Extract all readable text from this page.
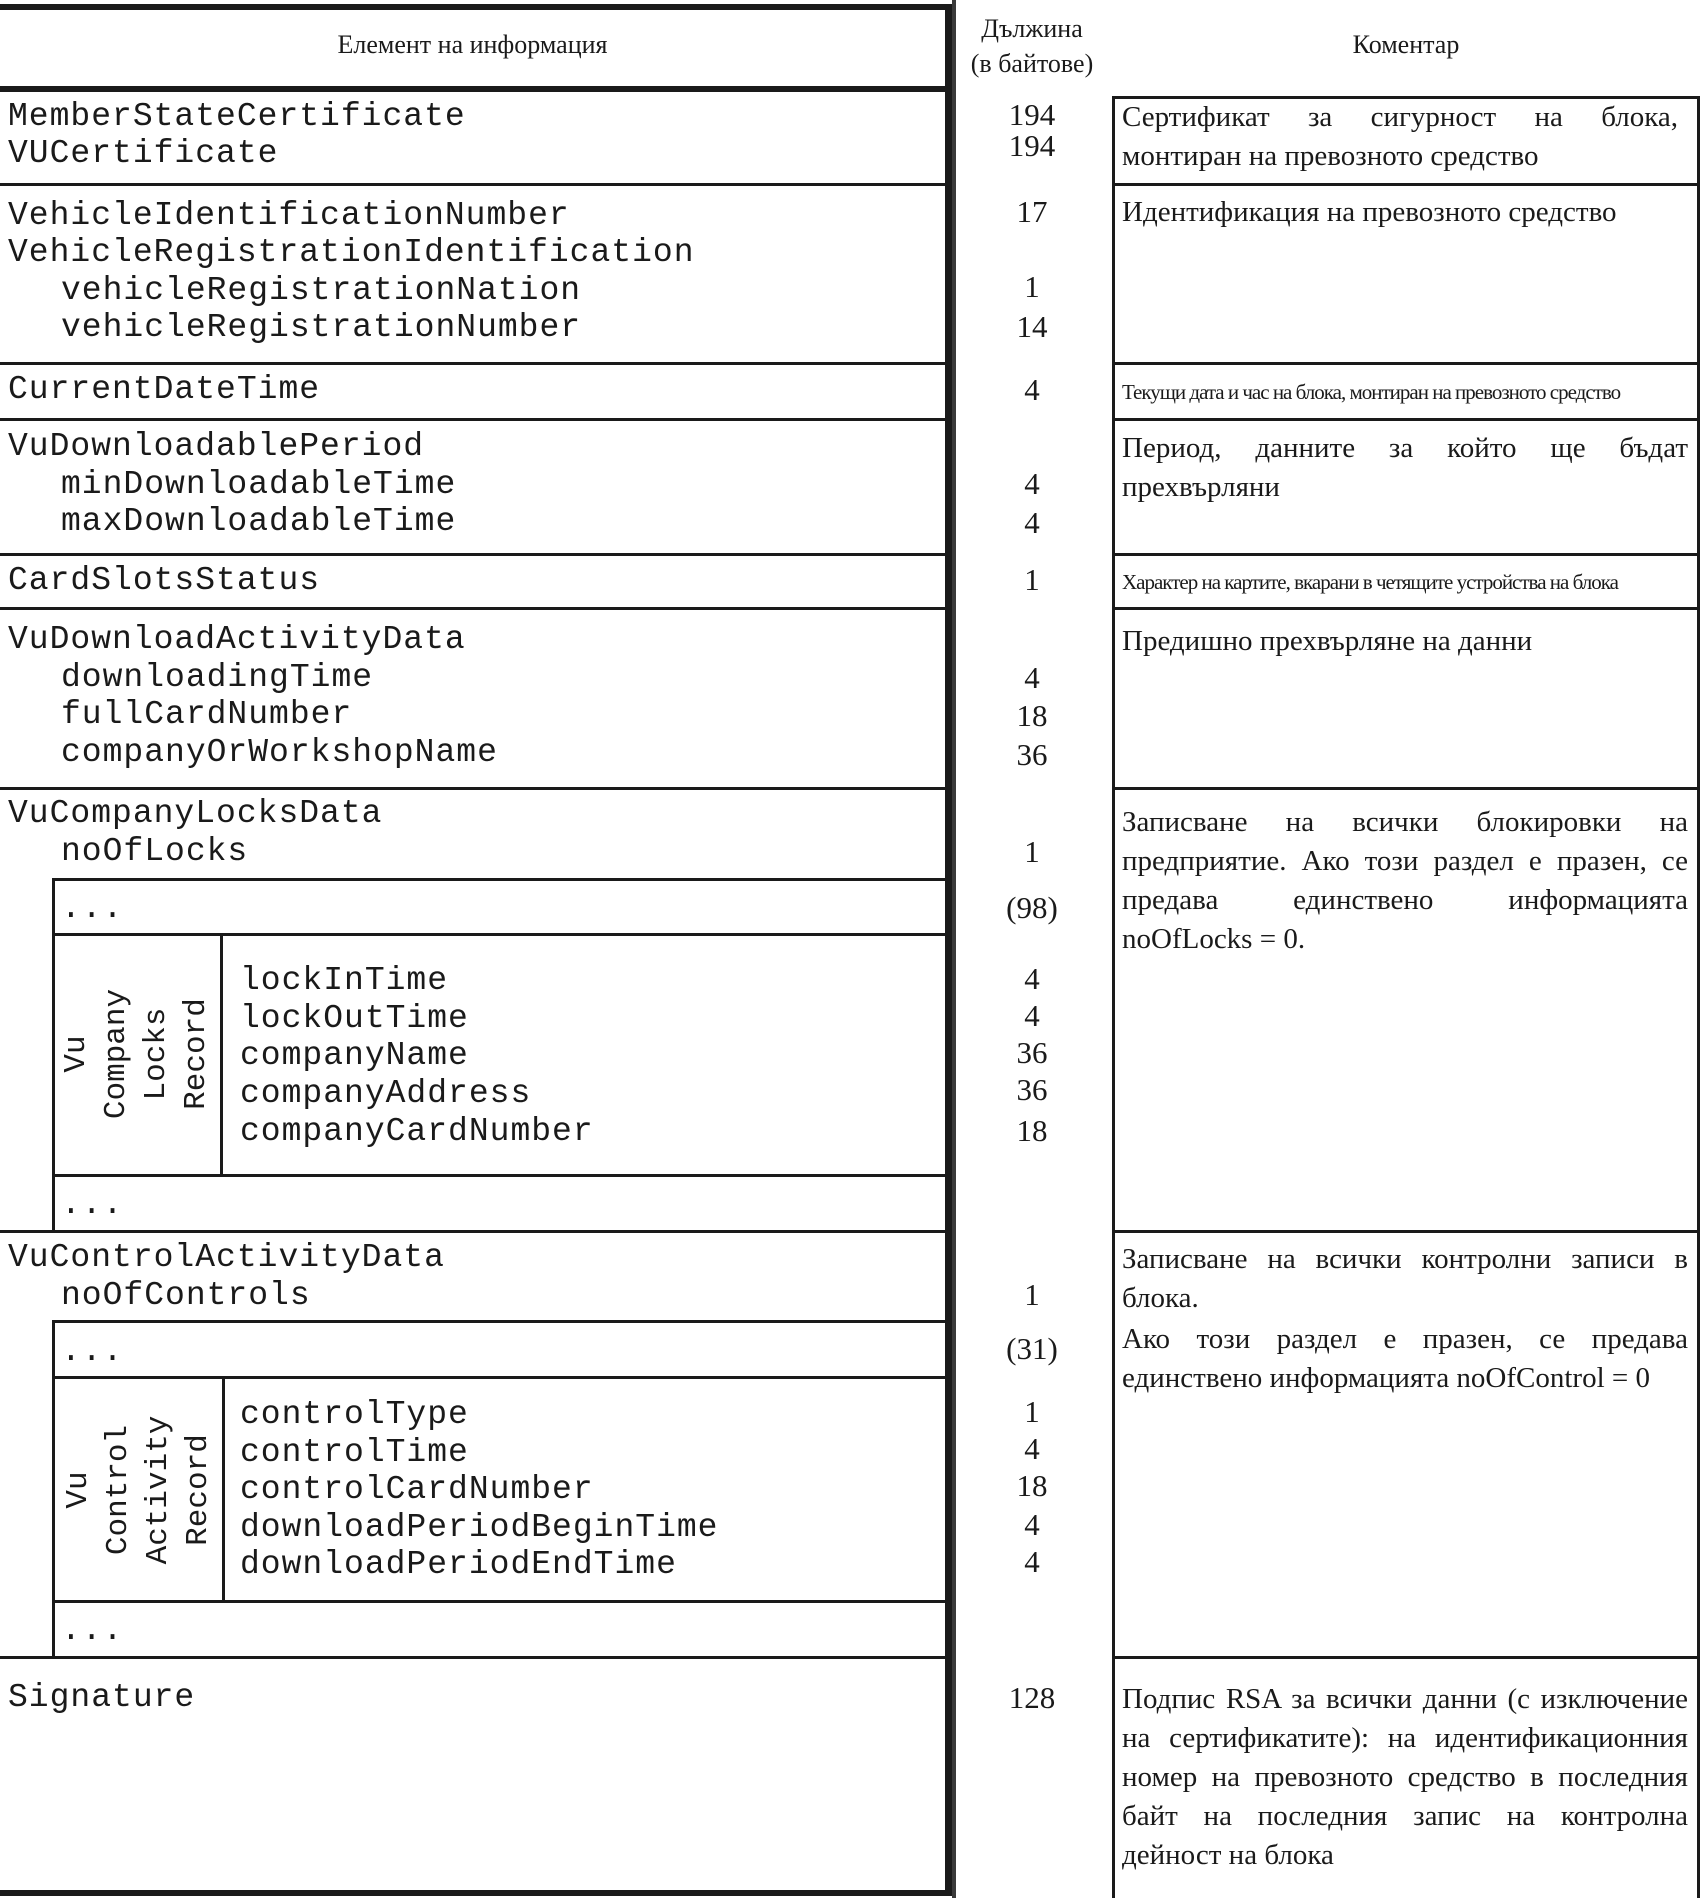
Елемент на информация
Дължина
(в байтове)
Коментар
MemberStateCertificate
VUCertificate
VehicleIdentificationNumber
VehicleRegistrationIdentification
vehicleRegistrationNation
vehicleRegistrationNumber
CurrentDateTime
VuDownloadablePeriod
minDownloadableTime
maxDownloadableTime
CardSlotsStatus
VuDownloadActivityData
downloadingTime
fullCardNumber
companyOrWorkshopName
VuCompanyLocksData
noOfLocks
...
Vu
Company
Locks
Record
lockInTime
lockOutTime
companyName
companyAddress
companyCardNumber
...
VuControlActivityData
noOfControls
...
Vu
Control
Activity
Record
controlType
controlTime
controlCardNumber
downloadPeriodBeginTime
downloadPeriodEndTime
...
Signature
194
194
17
1
14
4
4
4
1
4
18
36
1
(98)
4
4
36
36
18
1
(31)
1
4
18
4
4
128
Сертификат за сигурност на блока, монтиран на превозното средство
Идентификация на превозното средство
Текущи дата и час на блока, монтиран на превозното средство
Период, данните за който ще бъдат прехвърляни
Характер на картите, вкарани в четящите устройства на блока
Предишно прехвърляне на данни
Записване на всички блокировки на предприятие. Ако този раздел е празен, се предава единствено информацията noOfLocks = 0.
Записване на всички контролни записи в блока.
Ако този раздел е празен, се предава единствено информацията noOfControl = 0
Подпис RSA за всички данни (с изключение на сертификатите): на идентификационния номер на превозното средство в последния байт на последния запис на контролна дейност на блока
